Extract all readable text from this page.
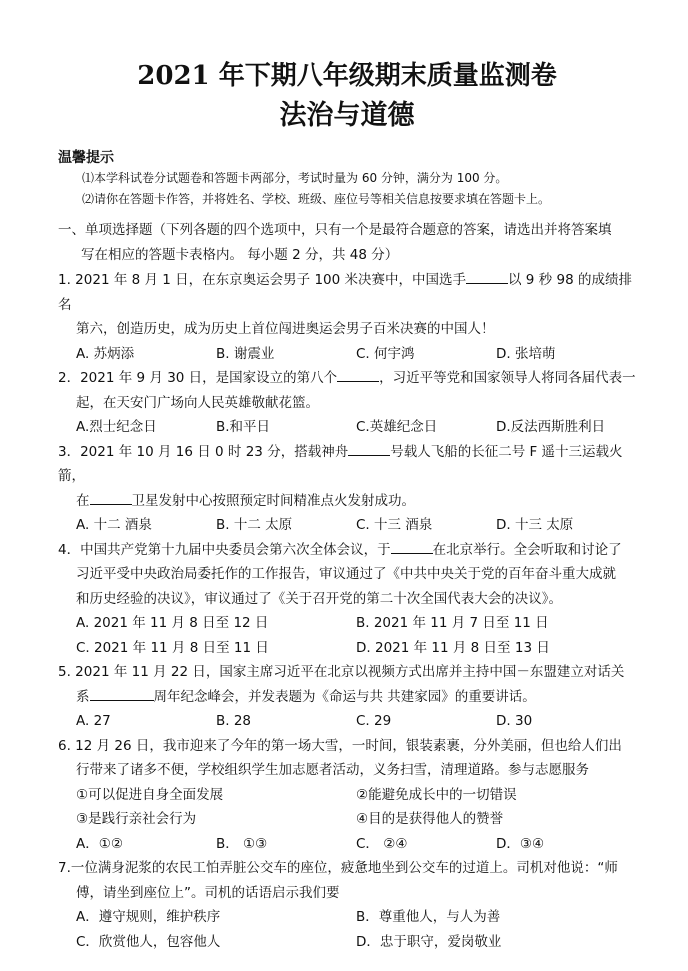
2021 年下期八年级期末质量监测卷
法治与道德
温馨提示
⑴本学科试卷分试题卷和答题卡两部分，考试时量为 60 分钟，满分为 100 分。
⑵请你在答题卡作答，并将姓名、学校、班级、座位号等相关信息按要求填在答题卡上。
一、单项选择题（下列各题的四个选项中，只有一个是最符合题意的答案，请选出并将答案填
写在相应的答题卡表格内。 每小题 2 分，共 48 分）
1. 2021 年 8 月 1 日，在东京奥运会男子 100 米决赛中，中国选手	以 9 秒 98 的成绩排名
第六，创造历史，成为历史上首位闯进奥运会男子百米决赛的中国人！
A. 苏炳添	B. 谢震业	C. 何宇鸿	D. 张培萌
2．2021 年 9 月 30 日，是国家设立的第八个	，习近平等党和国家领导人将同各届代表一
起，在天安门广场向人民英雄敬献花篮。
A.烈士纪念日	B.和平日	C.英雄纪念日	D.反法西斯胜利日
3．2021 年 10 月 16 日 0 时 23 分，搭载神舟	号载人飞船的长征二号 F 遥十三运载火箭，
在	卫星发射中心按照预定时间精准点火发射成功。
A. 十二 酒泉	B. 十二 太原	C. 十三 酒泉	D. 十三 太原
4．中国共产党第十九届中央委员会第六次全体会议，于	在北京举行。全会听取和讨论了
习近平受中央政治局委托作的工作报告，审议通过了《中共中央关于党的百年奋斗重大成就
和历史经验的决议》，审议通过了《关于召开党的第二十次全国代表大会的决议》。
A. 2021 年 11 月 8 日至 12 日	B. 2021 年 11 月 7 日至 11 日
C. 2021 年 11 月 8 日至 11 日	D. 2021 年 11 月 8 日至 13 日
5. 2021 年 11 月 22 日，国家主席习近平在北京以视频方式出席并主持中国－东盟建立对话关
系	周年纪念峰会，并发表题为《命运与共 共建家园》的重要讲话。
A. 27	B. 28	C. 29	D. 30
6. 12 月 26 日，我市迎来了今年的第一场大雪，一时间，银装素裹，分外美丽，但也给人们出
行带来了诸多不便，学校组织学生加志愿者活动，义务扫雪，清理道路。参与志愿服务
①可以促进自身全面发展	②能避免成长中的一切错误
③是践行亲社会行为	④目的是获得他人的赞誉
A．①②	B． ①③	C． ②④	D．③④
7.一位满身泥浆的农民工怕弄脏公交车的座位，疲惫地坐到公交车的过道上。司机对他说：“师
傅，请坐到座位上”。司机的话语启示我们要
A．遵守规则，维护秩序	B．尊重他人，与人为善
C．欣赏他人，包容他人	D．忠于职守，爱岗敬业
